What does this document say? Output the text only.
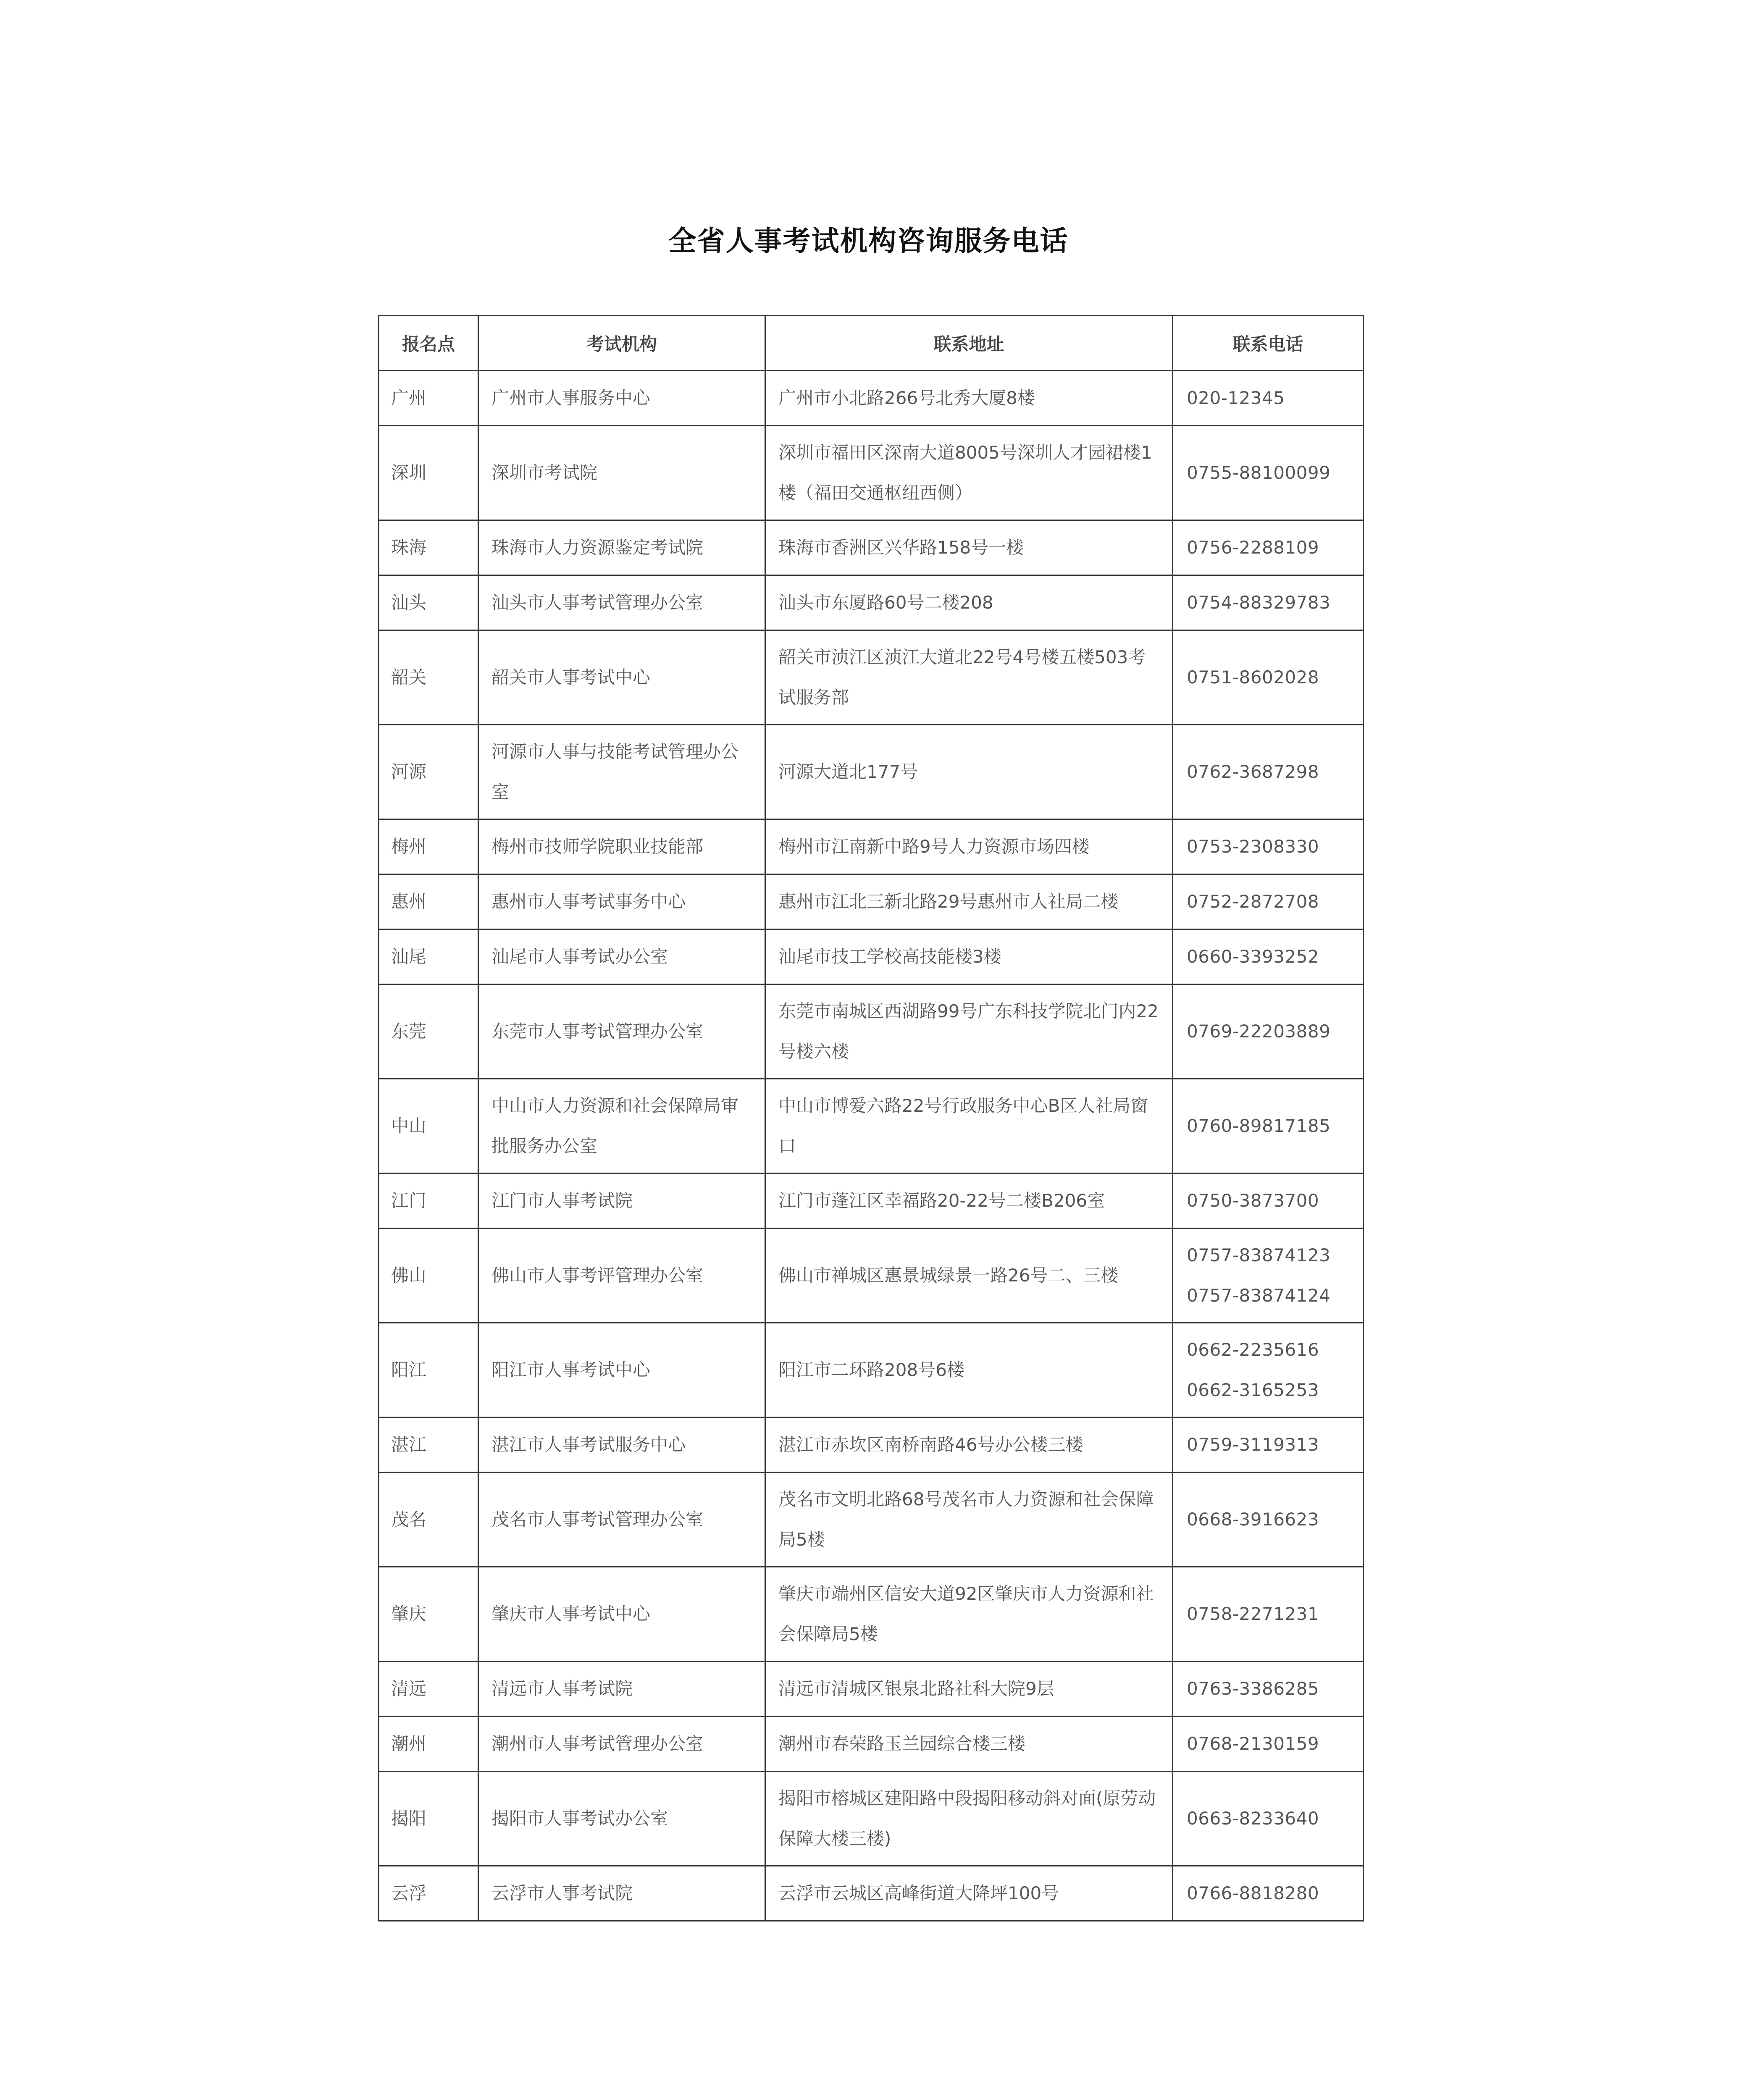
全省人事考试机构咨询服务电话
报名点	考试机构	联系地址	联系电话
广州	广州市人事服务中心	广州市小北路266号北秀大厦8楼	020-12345

深圳	深圳市考试院	深圳市福田区深南大道8005号深圳人才园裙楼1楼（福田交通枢纽西侧）	0755-88100099

珠海	珠海市人力资源鉴定考试院	珠海市香洲区兴华路158号一楼	0756-2288109

汕头	汕头市人事考试管理办公室	汕头市东厦路60号二楼208	0754-88329783

韶关	韶关市人事考试中心	韶关市浈江区浈江大道北22号4号楼五楼503考试服务部	0751-8602028

河源	河源市人事与技能考试管理办公室	河源大道北177号	0762-3687298

梅州	梅州市技师学院职业技能部	梅州市江南新中路9号人力资源市场四楼	0753-2308330

惠州	惠州市人事考试事务中心	惠州市江北三新北路29号惠州市人社局二楼	0752-2872708

汕尾	汕尾市人事考试办公室	汕尾市技工学校高技能楼3楼	0660-3393252

东莞	东莞市人事考试管理办公室	东莞市南城区西湖路99号广东科技学院北门内22号楼六楼	0769-22203889

中山	中山市人力资源和社会保障局审批服务办公室	中山市博爱六路22号行政服务中心B区人社局窗口	0760-89817185

江门	江门市人事考试院	江门市蓬江区幸福路20-22号二楼B206室	0750-3873700

佛山	佛山市人事考评管理办公室	佛山市禅城区惠景城绿景一路26号二、三楼	0757-83874123
0757-83874124

阳江	阳江市人事考试中心	阳江市二环路208号6楼	0662-2235616
0662-3165253

湛江	湛江市人事考试服务中心	湛江市赤坎区南桥南路46号办公楼三楼	0759-3119313

茂名	茂名市人事考试管理办公室	茂名市文明北路68号茂名市人力资源和社会保障局5楼	0668-3916623

肇庆	肇庆市人事考试中心	肇庆市端州区信安大道92区肇庆市人力资源和社会保障局5楼	0758-2271231

清远	清远市人事考试院	清远市清城区银泉北路社科大院9层	0763-3386285

潮州	潮州市人事考试管理办公室	潮州市春荣路玉兰园综合楼三楼	0768-2130159

揭阳	揭阳市人事考试办公室	揭阳市榕城区建阳路中段揭阳移动斜对面(原劳动保障大楼三楼)	0663-8233640

云浮	云浮市人事考试院	云浮市云城区高峰街道大降坪100号	0766-8818280
